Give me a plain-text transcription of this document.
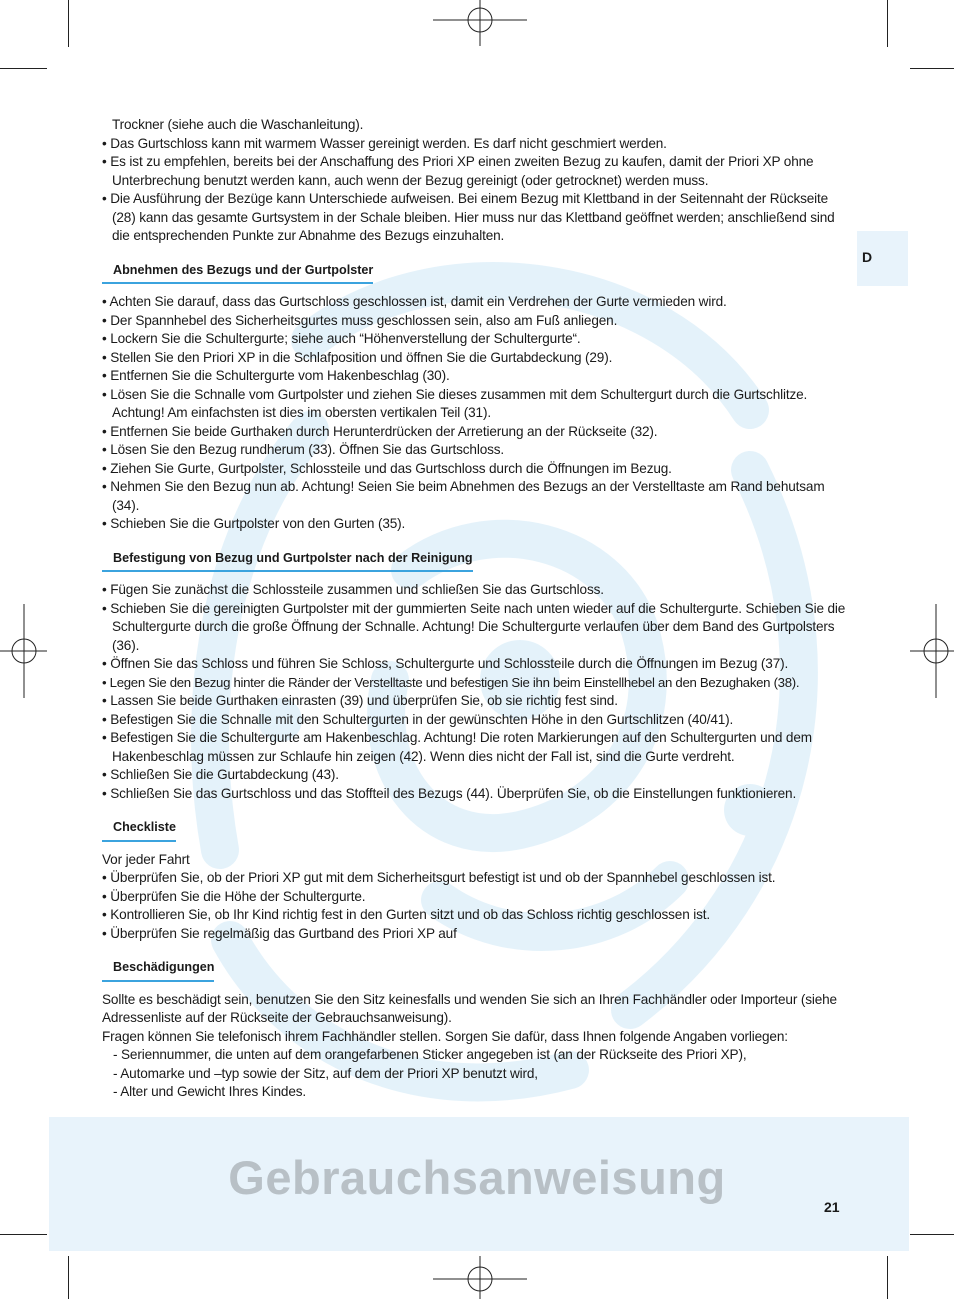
D

Trockner (siehe auch die Waschanleitung).

• Das Gurtschloss kann mit warmem Wasser gereinigt werden. Es darf nicht geschmiert werden.

• Es ist zu empfehlen, bereits bei der Anschaffung des Priori XP einen zweiten Bezug zu kaufen, damit der Priori XP ohne Unterbrechung benutzt werden kann, auch wenn der Bezug gereinigt (oder getrocknet) werden muss.

• Die Ausführung der Bezüge kann Unterschiede aufweisen. Bei einem Bezug mit Klettband in der Seitennaht der Rückseite (28) kann das gesamte Gurtsystem in der Schale bleiben. Hier muss nur das Klettband geöffnet werden; anschließend sind die entsprechenden Punkte zur Abnahme des Bezugs einzuhalten.

Abnehmen des Bezugs und der Gurtpolster

• Achten Sie darauf, dass das Gurtschloss geschlossen ist, damit ein Verdrehen der Gurte vermieden wird.

• Der Spannhebel des Sicherheitsgurtes muss geschlossen sein, also am Fuß anliegen.

• Lockern Sie die Schultergurte; siehe auch “Höhenverstellung der Schultergurte“.

• Stellen Sie den Priori XP in die Schlafposition und öffnen Sie die Gurtabdeckung (29).

• Entfernen Sie die Schultergurte vom Hakenbeschlag (30).

• Lösen Sie die Schnalle vom Gurtpolster und ziehen Sie dieses zusammen mit dem Schultergurt durch die Gurtschlitze. Achtung! Am einfachsten ist dies im obersten vertikalen Teil (31).

• Entfernen Sie beide Gurthaken durch Herunterdrücken der Arretierung an der Rückseite (32).

• Lösen Sie den Bezug rundherum (33). Öffnen Sie das Gurtschloss.

• Ziehen Sie Gurte, Gurtpolster, Schlossteile und das Gurtschloss durch die Öffnungen im Bezug.

• Nehmen Sie den Bezug nun ab. Achtung! Seien Sie beim Abnehmen des Bezugs an der Verstelltaste am Rand behutsam (34).

• Schieben Sie die Gurtpolster von den Gurten (35).

Befestigung von Bezug und Gurtpolster nach der Reinigung

• Fügen Sie zunächst die Schlossteile zusammen und schließen Sie das Gurtschloss.

• Schieben Sie die gereinigten Gurtpolster mit der gummierten Seite nach unten wieder auf die Schultergurte. Schieben Sie die Schultergurte durch die große Öffnung der Schnalle. Achtung! Die Schultergurte verlaufen über dem Band des Gurtpolsters (36).

• Öffnen Sie das Schloss und führen Sie Schloss, Schultergurte und Schlossteile durch die Öffnungen im Bezug (37).

• Legen Sie den Bezug hinter die Ränder der Verstelltaste und befestigen Sie ihn beim Einstellhebel an den Bezughaken (38).

• Lassen Sie beide Gurthaken einrasten (39) und überprüfen Sie, ob sie richtig fest sind.

• Befestigen Sie die Schnalle mit den Schultergurten in der gewünschten Höhe in den Gurtschlitzen (40/41).

• Befestigen Sie die Schultergurte am Hakenbeschlag. Achtung! Die roten Markierungen auf den Schultergurten und dem Hakenbeschlag müssen zur Schlaufe hin zeigen (42). Wenn dies nicht der Fall ist, sind die Gurte verdreht.

• Schließen Sie die Gurtabdeckung (43).

• Schließen Sie das Gurtschloss und das Stoffteil des Bezugs (44). Überprüfen Sie, ob die Einstellungen funktionieren.

Checkliste

Vor jeder Fahrt

• Überprüfen Sie, ob der Priori XP gut mit dem Sicherheitsgurt befestigt ist und ob der Spannhebel geschlossen ist.

• Überprüfen Sie die Höhe der Schultergurte.

• Kontrollieren Sie, ob Ihr Kind richtig fest in den Gurten sitzt und ob das Schloss richtig geschlossen ist.

• Überprüfen Sie regelmäßig das Gurtband des Priori XP auf

Beschädigungen

Sollte es beschädigt sein, benutzen Sie den Sitz keinesfalls und wenden Sie sich an Ihren Fachhändler oder Importeur (siehe Adressenliste auf der Rückseite der Gebrauchsanweisung).

Fragen können Sie telefonisch ihrem Fachhändler stellen. Sorgen Sie dafür, dass Ihnen folgende Angaben vorliegen:

- Seriennummer, die unten auf dem orangefarbenen Sticker angegeben ist (an der Rückseite des Priori XP),

- Automarke und –typ sowie der Sitz, auf dem der Priori XP benutzt wird,

- Alter und Gewicht Ihres Kindes.

Gebrauchsanweisung
21
